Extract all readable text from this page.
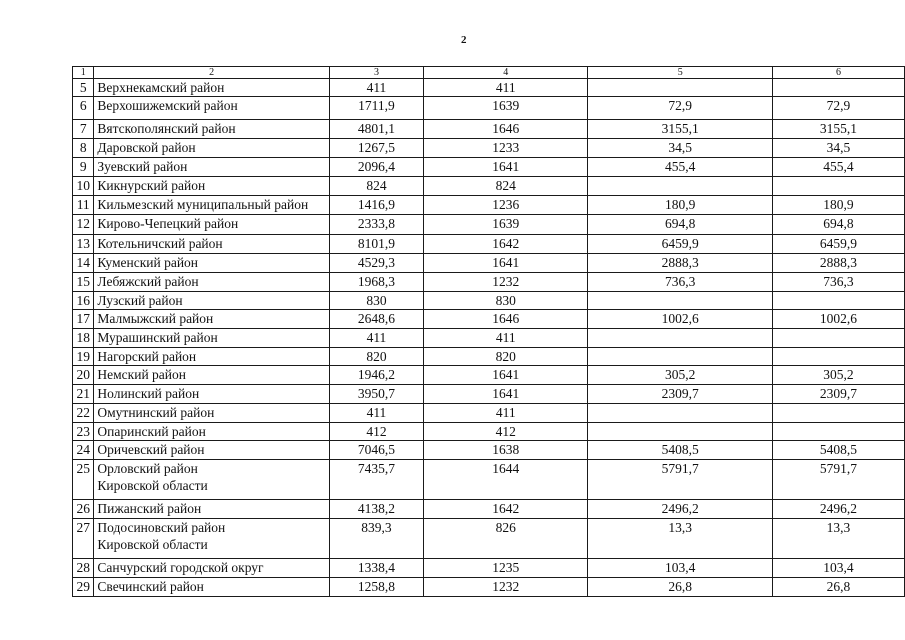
2
1	2	3	4	5	6
5	Верхнекамский район	411	411		
6	Верхошижемский район	1711,9	1639	72,9	72,9
7	Вятскополянский район	4801,1	1646	3155,1	3155,1
8	Даровской район	1267,5	1233	34,5	34,5
9	Зуевский район	2096,4	1641	455,4	455,4
10	Кикнурский район	824	824		
11	Кильмезский муниципальный район	1416,9	1236	180,9	180,9
12	Кирово-Чепецкий район	2333,8	1639	694,8	694,8
13	Котельничский район	8101,9	1642	6459,9	6459,9
14	Куменский район	4529,3	1641	2888,3	2888,3
15	Лебяжский район	1968,3	1232	736,3	736,3
16	Лузский район	830	830		
17	Малмыжский район	2648,6	1646	1002,6	1002,6
18	Мурашинский район	411	411		
19	Нагорский район	820	820		
20	Немский район	1946,2	1641	305,2	305,2
21	Нолинский район	3950,7	1641	2309,7	2309,7
22	Омутнинский район	411	411		
23	Опаринский район	412	412		
24	Оричевский район	7046,5	1638	5408,5	5408,5
25	Орловский район
Кировской области	7435,7	1644	5791,7	5791,7
26	Пижанский район	4138,2	1642	2496,2	2496,2
27	Подосиновский район
Кировской области	839,3	826	13,3	13,3
28	Санчурский городской округ	1338,4	1235	103,4	103,4
29	Свечинский район	1258,8	1232	26,8	26,8
